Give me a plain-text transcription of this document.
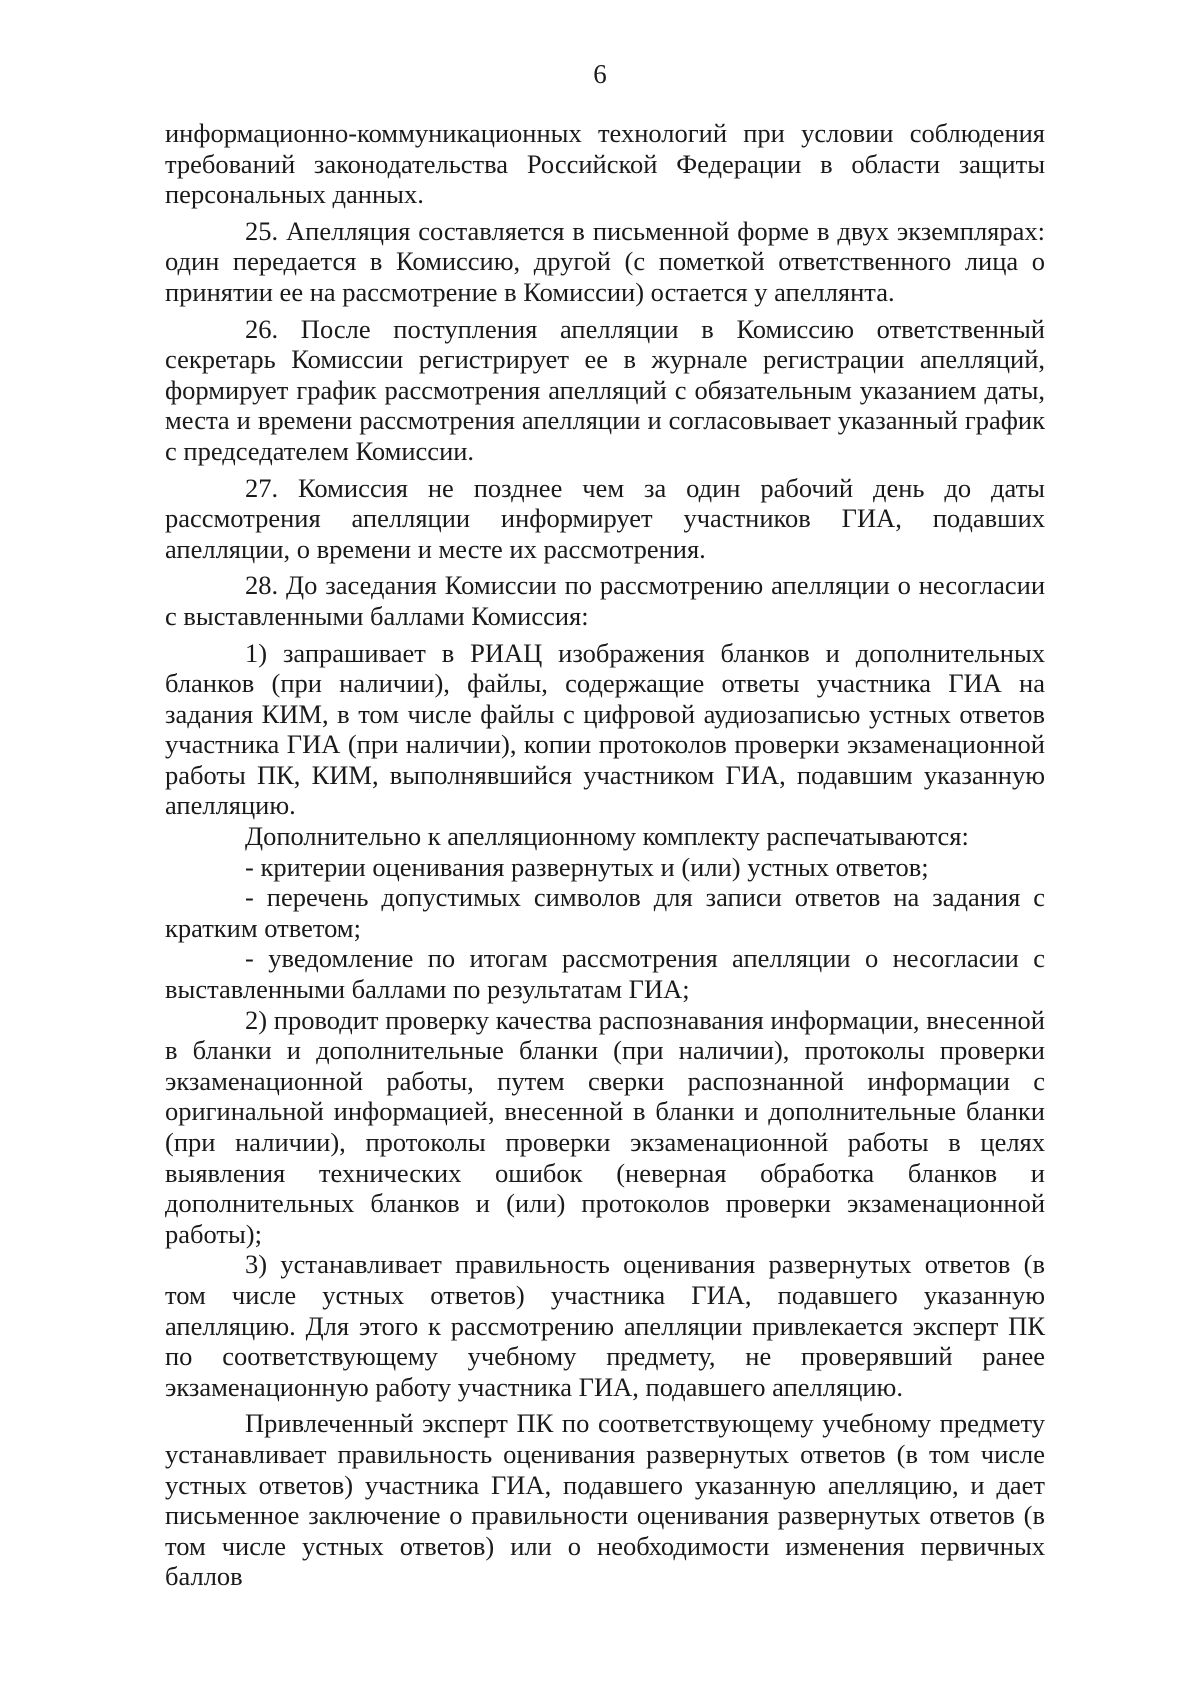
6

информационно-коммуникационных технологий при условии соблюдения требований законодательства Российской Федерации в области защиты персональных данных.

25. Апелляция составляется в письменной форме в двух экземплярах: один передается в Комиссию, другой (с пометкой ответственного лица о принятии ее на рассмотрение в Комиссии) остается у апеллянта.

26. После поступления апелляции в Комиссию ответственный секретарь Комиссии регистрирует ее в журнале регистрации апелляций, формирует график рассмотрения апелляций с обязательным указанием даты, места и времени рассмотрения апелляции и согласовывает указанный график с председателем Комиссии.

27. Комиссия не позднее чем за один рабочий день до даты рассмотрения апелляции информирует участников ГИА, подавших апелляции, о времени и месте их рассмотрения.

28. До заседания Комиссии по рассмотрению апелляции о несогласии с выставленными баллами Комиссия:

1) запрашивает в РИАЦ изображения бланков и дополнительных бланков (при наличии), файлы, содержащие ответы участника ГИА на задания КИМ, в том числе файлы с цифровой аудиозаписью устных ответов участника ГИА (при наличии), копии протоколов проверки экзаменационной работы ПК, КИМ, выполнявшийся участником ГИА, подавшим указанную апелляцию.

Дополнительно к апелляционному комплекту распечатываются:

- критерии оценивания развернутых и (или) устных ответов;

- перечень допустимых символов для записи ответов на задания с кратким ответом;

- уведомление по итогам рассмотрения апелляции о несогласии с выставленными баллами по результатам ГИА;

2) проводит проверку качества распознавания информации, внесенной в бланки и дополнительные бланки (при наличии), протоколы проверки экзаменационной работы, путем сверки распознанной информации с оригинальной информацией, внесенной в бланки и дополнительные бланки (при наличии), протоколы проверки экзаменационной работы в целях выявления технических ошибок (неверная обработка бланков и дополнительных бланков и (или) протоколов проверки экзаменационной работы);

3) устанавливает правильность оценивания развернутых ответов (в том числе устных ответов) участника ГИА, подавшего указанную апелляцию. Для этого к рассмотрению апелляции привлекается эксперт ПК по соответствующему учебному предмету, не проверявший ранее экзаменационную работу участника ГИА, подавшего апелляцию.

Привлеченный эксперт ПК по соответствующему учебному предмету устанавливает правильность оценивания развернутых ответов (в том числе устных ответов) участника ГИА, подавшего указанную апелляцию, и дает письменное заключение о правильности оценивания развернутых ответов (в том числе устных ответов) или о необходимости изменения первичных баллов
